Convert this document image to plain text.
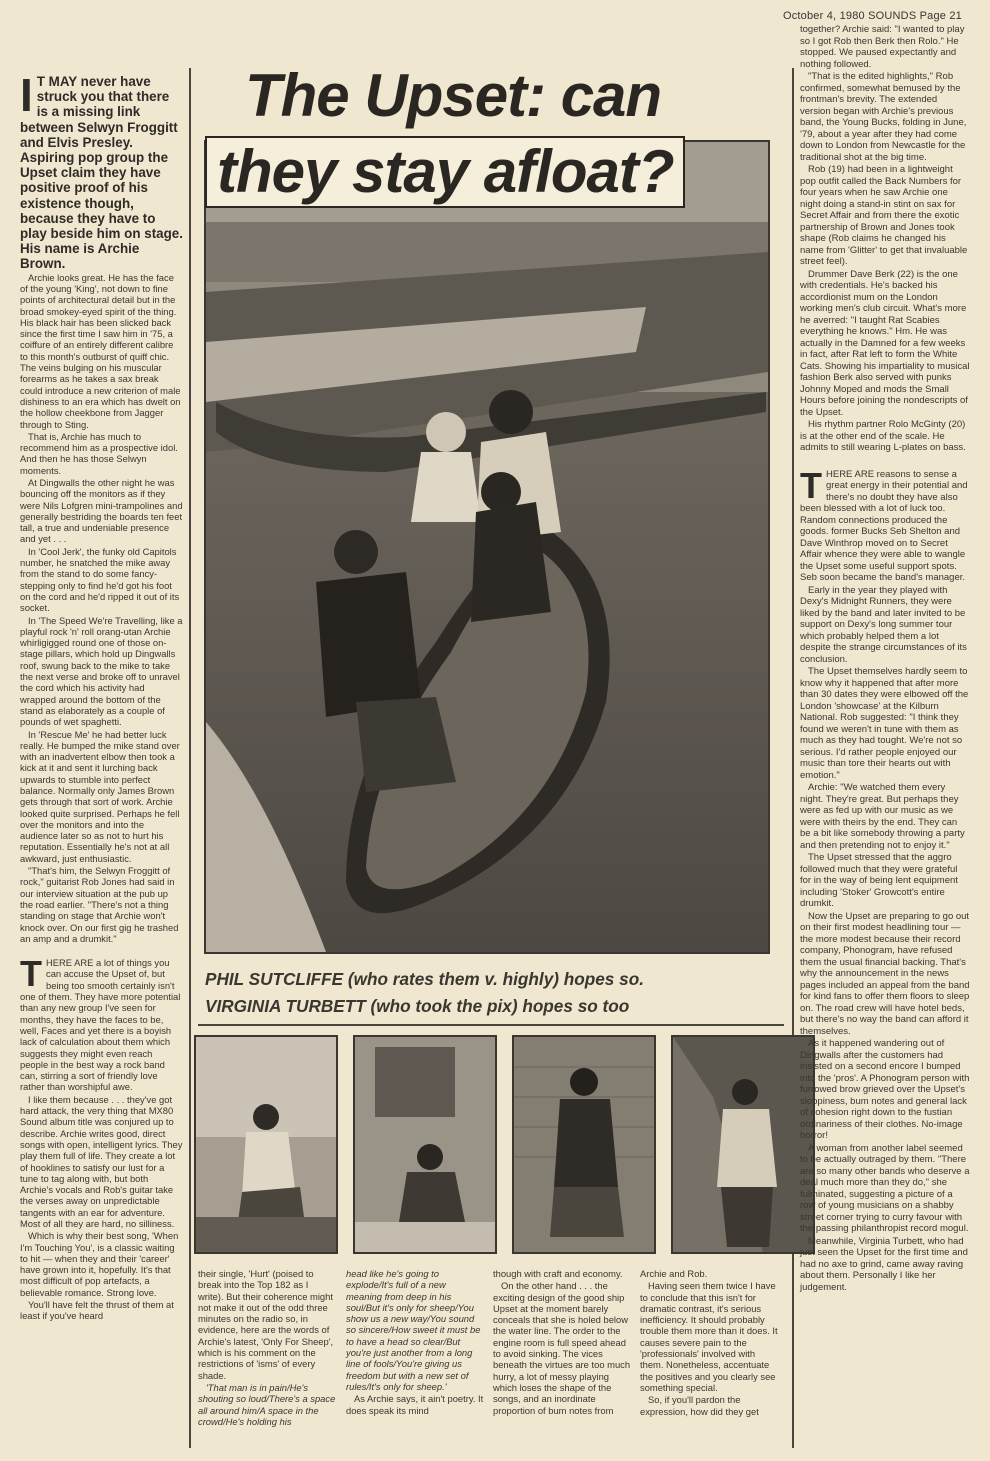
October 4, 1980 SOUNDS Page 21
I T MAY never have struck you that there is a missing link between Selwyn Froggitt and Elvis Presley. Aspiring pop group the Upset claim they have positive proof of his existence though, because they have to play beside him on stage. His name is Archie Brown.

Archie looks great. He has the face of the young 'King', not down to fine points of architectural detail but in the broad smokey-eyed spirit of the thing. His black hair has been slicked back since the first time I saw him in '75, a coiffure of an entirely different calibre to this month's outburst of quiff chic. The veins bulging on his muscular forearms as he takes a sax break could introduce a new criterion of male dishiness to an era which has dwelt on the hollow cheekbone from Jagger through to Sting.

That is, Archie has much to recommend him as a prospective idol. And then he has those Selwyn moments.

At Dingwalls the other night he was bouncing off the monitors as if they were Nils Lofgren mini-trampolines and generally bestriding the boards ten feet tall, a true and undeniable presence and yet . . .

In 'Cool Jerk', the funky old Capitols number, he snatched the mike away from the stand to do some fancy-stepping only to find he'd got his foot on the cord and he'd ripped it out of its socket.

In 'The Speed We're Travelling, like a playful rock 'n' roll orang-utan Archie whirligigged round one of those on-stage pillars, which hold up Dingwalls roof, swung back to the mike to take the next verse and broke off to unravel the cord which his activity had wrapped around the bottom of the stand as elaborately as a couple of pounds of wet spaghetti.

In 'Rescue Me' he had better luck really. He bumped the mike stand over with an inadvertent elbow then took a kick at it and sent it lurching back upwards to stumble into perfect balance. Normally only James Brown gets through that sort of work. Archie looked quite surprised. Perhaps he fell over the monitors and into the audience later so as not to hurt his reputation. Essentially he's not at all awkward, just enthusiastic.

"That's him, the Selwyn Froggitt of rock," guitarist Rob Jones had said in our interview situation at the pub up the road earlier. "There's not a thing standing on stage that Archie won't knock over. On our first gig he trashed an amp and a drumkit."

THERE ARE a lot of things you can accuse the Upset of, but being too smooth certainly isn't one of them. They have more potential than any new group I've seen for months, they have the faces to be, well, Faces and yet there is a boyish lack of calculation about them which suggests they might even reach people in the best way a rock band can, stirring a sort of friendly love rather than worshipful awe.

I like them because . . . they've got hard attack, the very thing that MX80 Sound album title was conjured up to describe. Archie writes good, direct songs with open, intelligent lyrics. They play them full of life. They create a lot of hooklines to satisfy our lust for a tune to tag along with, but both Archie's vocals and Rob's guitar take the verses away on unpredictable tangents with an ear for adventure. Most of all they are hard, no silliness.

Which is why their best song, 'When I'm Touching You', is a classic waiting to hit — when they and their 'career' have grown into it, hopefully. It's that most difficult of pop artefacts, a believable romance. Strong love.

You'll have felt the thrust of them at least if you've heard

The Upset: can
they stay afloat?
PHIL SUTCLIFFE (who rates them v. highly) hopes so.
VIRGINIA TURBETT (who took the pix) hopes so too

their single, 'Hurt' (poised to break into the Top 182 as I write). But their coherence might not make it out of the odd three minutes on the radio so, in evidence, here are the words of Archie's latest, 'Only For Sheep', which is his comment on the restrictions of 'isms' of every shade.

'That man is in pain/He's shouting so loud/There's a space all around him/A space in the crowd/He's holding his

head like he's going to explode/It's full of a new meaning from deep in his soul/But it's only for sheep/You show us a new way/You sound so sincere/How sweet it must be to have a head so clear/But you're just another from a long line of fools/You're giving us freedom but with a new set of rules/It's only for sheep.'

As Archie says, it ain't poetry. It does speak its mind

though with craft and economy.

On the other hand . . . the exciting design of the good ship Upset at the moment barely conceals that she is holed below the water line. The order to the engine room is full speed ahead to avoid sinking. The vices beneath the virtues are too much hurry, a lot of messy playing which loses the shape of the songs, and an inordinate proportion of bum notes from

Archie and Rob.

Having seen them twice I have to conclude that this isn't for dramatic contrast, it's serious inefficiency. It should probably trouble them more than it does. It causes severe pain to the 'professionals' involved with them. Nonetheless, accentuate the positives and you clearly see something special.

So, if you'll pardon the expression, how did they get

together? Archie said: "I wanted to play so I got Rob then Berk then Rolo." He stopped. We paused expectantly and nothing followed.

"That is the edited highlights," Rob confirmed, somewhat bemused by the frontman's brevity. The extended version began with Archie's previous band, the Young Bucks, folding in June, '79, about a year after they had come down to London from Newcastle for the traditional shot at the big time.

Rob (19) had been in a lightweight pop outfit called the Back Numbers for four years when he saw Archie one night doing a stand-in stint on sax for Secret Affair and from there the exotic partnership of Brown and Jones took shape (Rob claims he changed his name from 'Glitter' to get that invaluable street feel).

Drummer Dave Berk (22) is the one with credentials. He's backed his accordionist mum on the London working men's club circuit. What's more he averred: "I taught Rat Scabies everything he knows." Hm. He was actually in the Damned for a few weeks in fact, after Rat left to form the White Cats. Showing his impartiality to musical fashion Berk also served with punks Johnny Moped and mods the Small Hours before joining the nondescripts of the Upset.

His rhythm partner Rolo McGinty (20) is at the other end of the scale. He admits to still wearing L-plates on bass.

THERE ARE reasons to sense a great energy in their potential and there's no doubt they have also been blessed with a lot of luck too. Random connections produced the goods. former Bucks Seb Shelton and Dave Winthrop moved on to Secret Affair whence they were able to wangle the Upset some useful support spots. Seb soon became the band's manager.

Early in the year they played with Dexy's Midnight Runners, they were liked by the band and later invited to be support on Dexy's long summer tour which probably helped them a lot despite the strange circumstances of its conclusion.

The Upset themselves hardly seem to know why it happened that after more than 30 dates they were elbowed off the London 'showcase' at the Kilburn National. Rob suggested: "I think they found we weren't in tune with them as much as they had tought. We're not so serious. I'd rather people enjoyed our music than tore their hearts out with emotion."

Archie: "We watched them every night. They're great. But perhaps they were as fed up with our music as we were with theirs by the end. They can be a bit like somebody throwing a party and then pretending not to enjoy it."

The Upset stressed that the aggro followed much that they were grateful for in the way of being lent equipment including 'Stoker' Growcott's entire drumkit.

Now the Upset are preparing to go out on their first modest headlining tour — the more modest because their record company, Phonogram, have refused them the usual financial backing. That's why the announcement in the news pages included an appeal from the band for kind fans to offer them floors to sleep on. The road crew will have hotel beds, but there's no way the band can afford it themselves.

As it happened wandering out of Dingwalls after the customers had insisted on a second encore I bumped into the 'pros'. A Phonogram person with furrowed brow grieved over the Upset's sloppiness, bum notes and general lack of cohesion right down to the fustian ordinariness of their clothes. No-image horror!

A woman from another label seemed to be actually outraged by them. "There are so many other bands who deserve a deal much more than they do," she fulminated, suggesting a picture of a row of young musicians on a shabby street corner trying to curry favour with the passing philanthropist record mogul.

Meanwhile, Virginia Turbett, who had just seen the Upset for the first time and had no axe to grind, came away raving about them. Personally I like her judgement.
